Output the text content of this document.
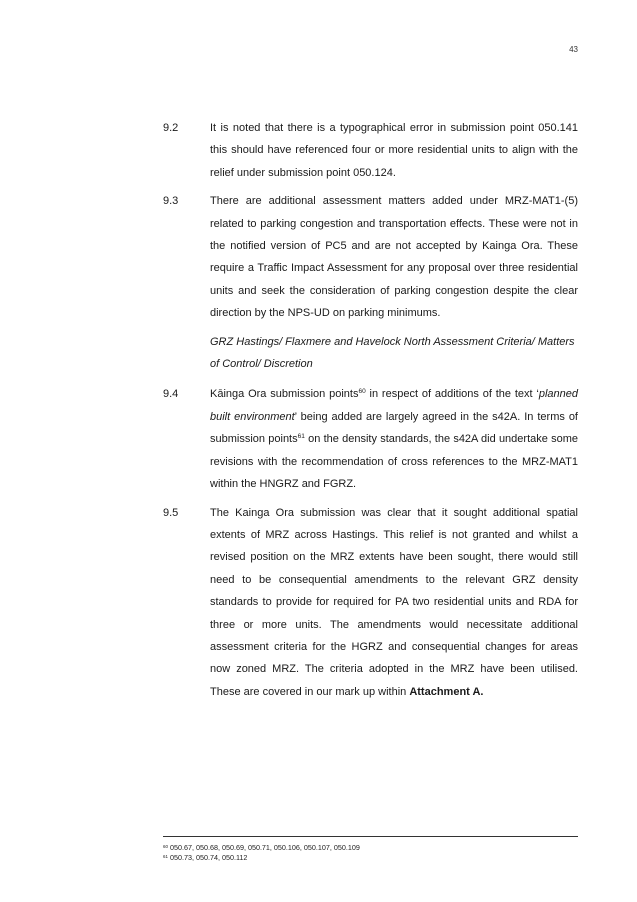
43
9.2	It is noted that there is a typographical error in submission point 050.141 this should have referenced four or more residential units to align with the relief under submission point 050.124.
9.3	There are additional assessment matters added under MRZ-MAT1-(5) related to parking congestion and transportation effects. These were not in the notified version of PC5 and are not accepted by Kainga Ora. These require a Traffic Impact Assessment for any proposal over three residential units and seek the consideration of parking congestion despite the clear direction by the NPS-UD on parking minimums.
GRZ Hastings/ Flaxmere and Havelock North Assessment Criteria/ Matters of Control/ Discretion
9.4	Kāinga Ora submission points$^{60}$ in respect of additions of the text ‘planned built environment’ being added are largely agreed in the s42A. In terms of submission points$^{61}$ on the density standards, the s42A did undertake some revisions with the recommendation of cross references to the MRZ-MAT1 within the HNGRZ and FGRZ.
9.5	The Kainga Ora submission was clear that it sought additional spatial extents of MRZ across Hastings. This relief is not granted and whilst a revised position on the MRZ extents have been sought, there would still need to be consequential amendments to the relevant GRZ density standards to provide for required for PA two residential units and RDA for three or more units. The amendments would necessitate additional assessment criteria for the HGRZ and consequential changes for areas now zoned MRZ. The criteria adopted in the MRZ have been utilised. These are covered in our mark up within Attachment A.
$^{60}$ 050.67, 050.68, 050.69, 050.71, 050.106, 050.107, 050.109
$^{61}$ 050.73, 050.74, 050.112
